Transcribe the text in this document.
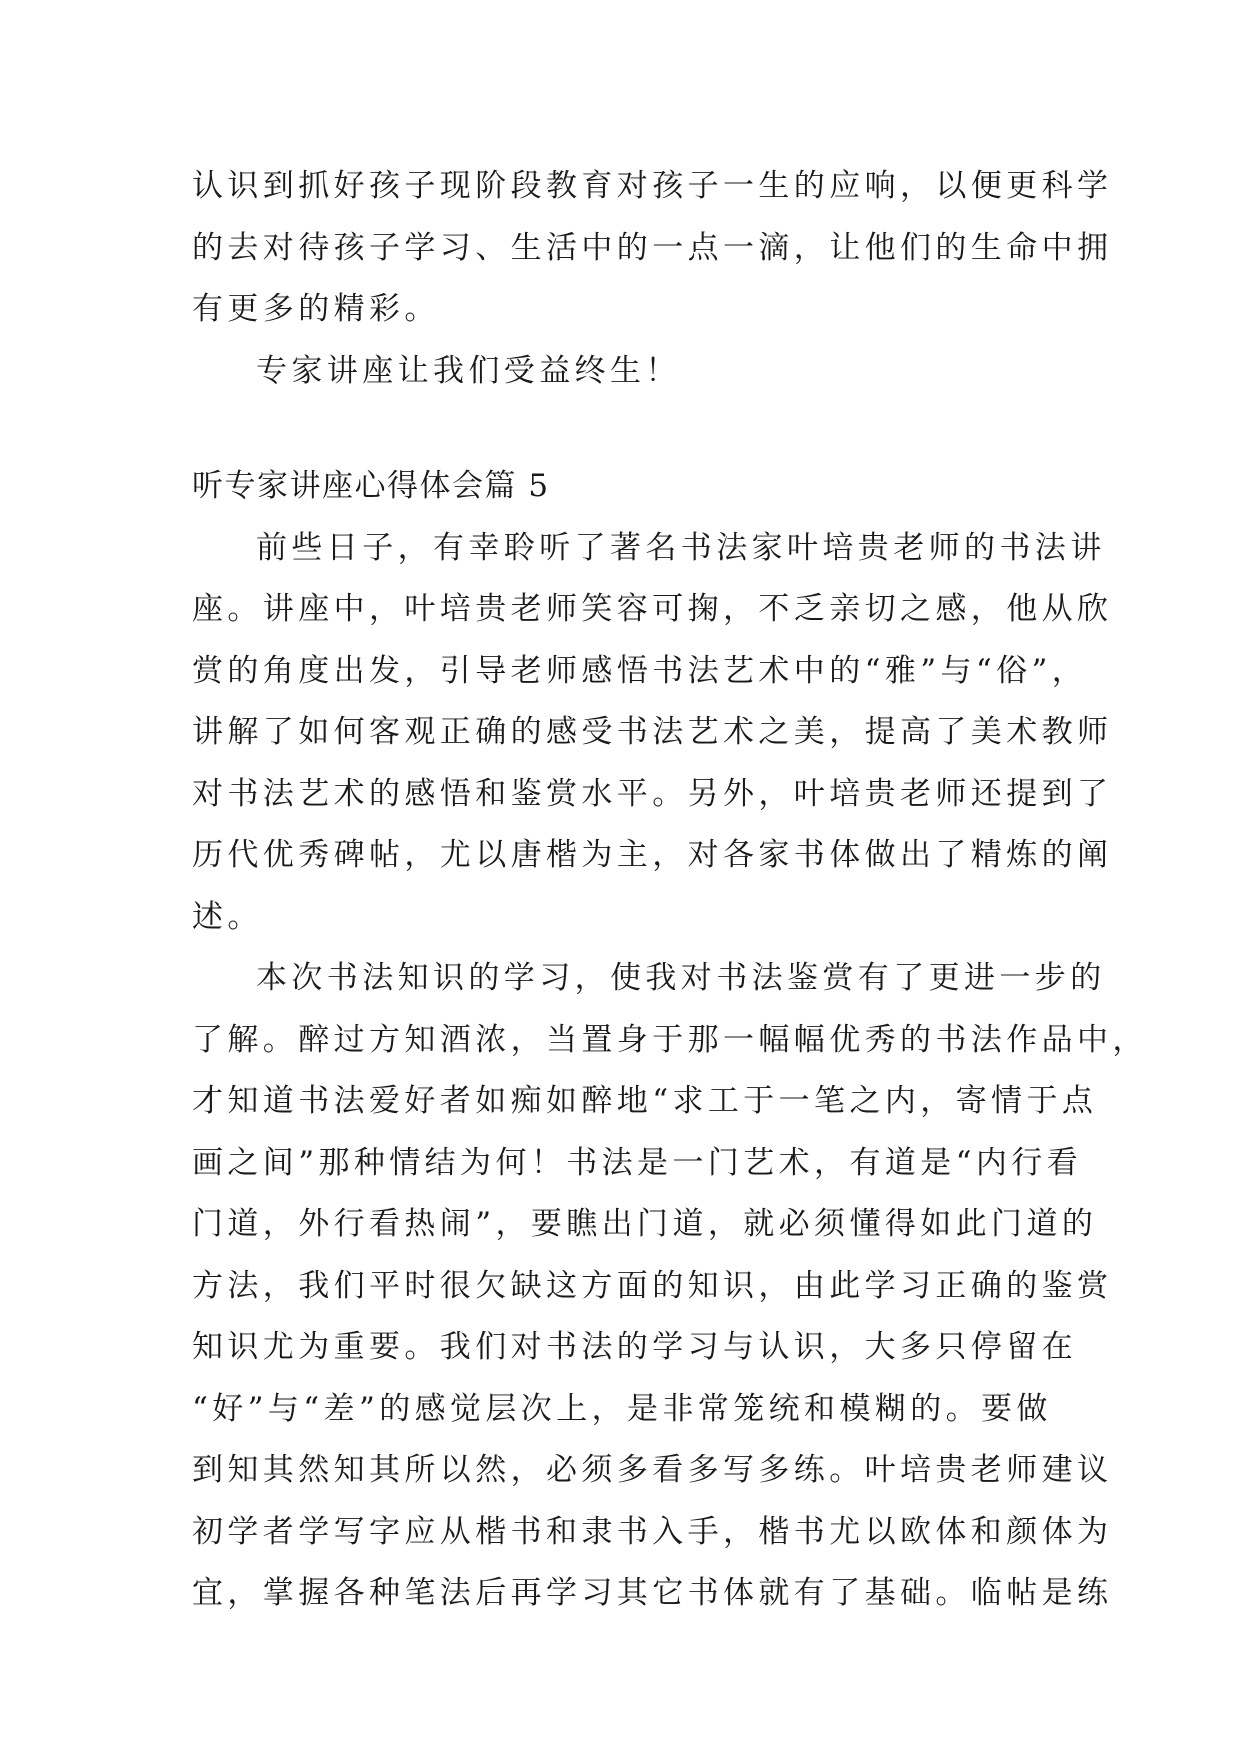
认识到抓好孩子现阶段教育对孩子一生的应响，以便更科学
的去对待孩子学习、生活中的一点一滴，让他们的生命中拥
有更多的精彩。
专家讲座让我们受益终生！
听专家讲座心得体会篇 5
前些日子，有幸聆听了著名书法家叶培贵老师的书法讲
座。讲座中，叶培贵老师笑容可掬，不乏亲切之感，他从欣
赏的角度出发，引导老师感悟书法艺术中的“雅”与“俗”，
讲解了如何客观正确的感受书法艺术之美，提高了美术教师
对书法艺术的感悟和鉴赏水平。另外，叶培贵老师还提到了
历代优秀碑帖，尤以唐楷为主，对各家书体做出了精炼的阐
述。
本次书法知识的学习，使我对书法鉴赏有了更进一步的
了解。醉过方知酒浓，当置身于那一幅幅优秀的书法作品中，
才知道书法爱好者如痴如醉地“求工于一笔之内，寄情于点
画之间”那种情结为何！书法是一门艺术，有道是“内行看
门道，外行看热闹”，要瞧出门道，就必须懂得如此门道的
方法，我们平时很欠缺这方面的知识，由此学习正确的鉴赏
知识尤为重要。我们对书法的学习与认识，大多只停留在
“好”与“差”的感觉层次上，是非常笼统和模糊的。要做
到知其然知其所以然，必须多看多写多练。叶培贵老师建议
初学者学写字应从楷书和隶书入手，楷书尤以欧体和颜体为
宜，掌握各种笔法后再学习其它书体就有了基础。临帖是练
